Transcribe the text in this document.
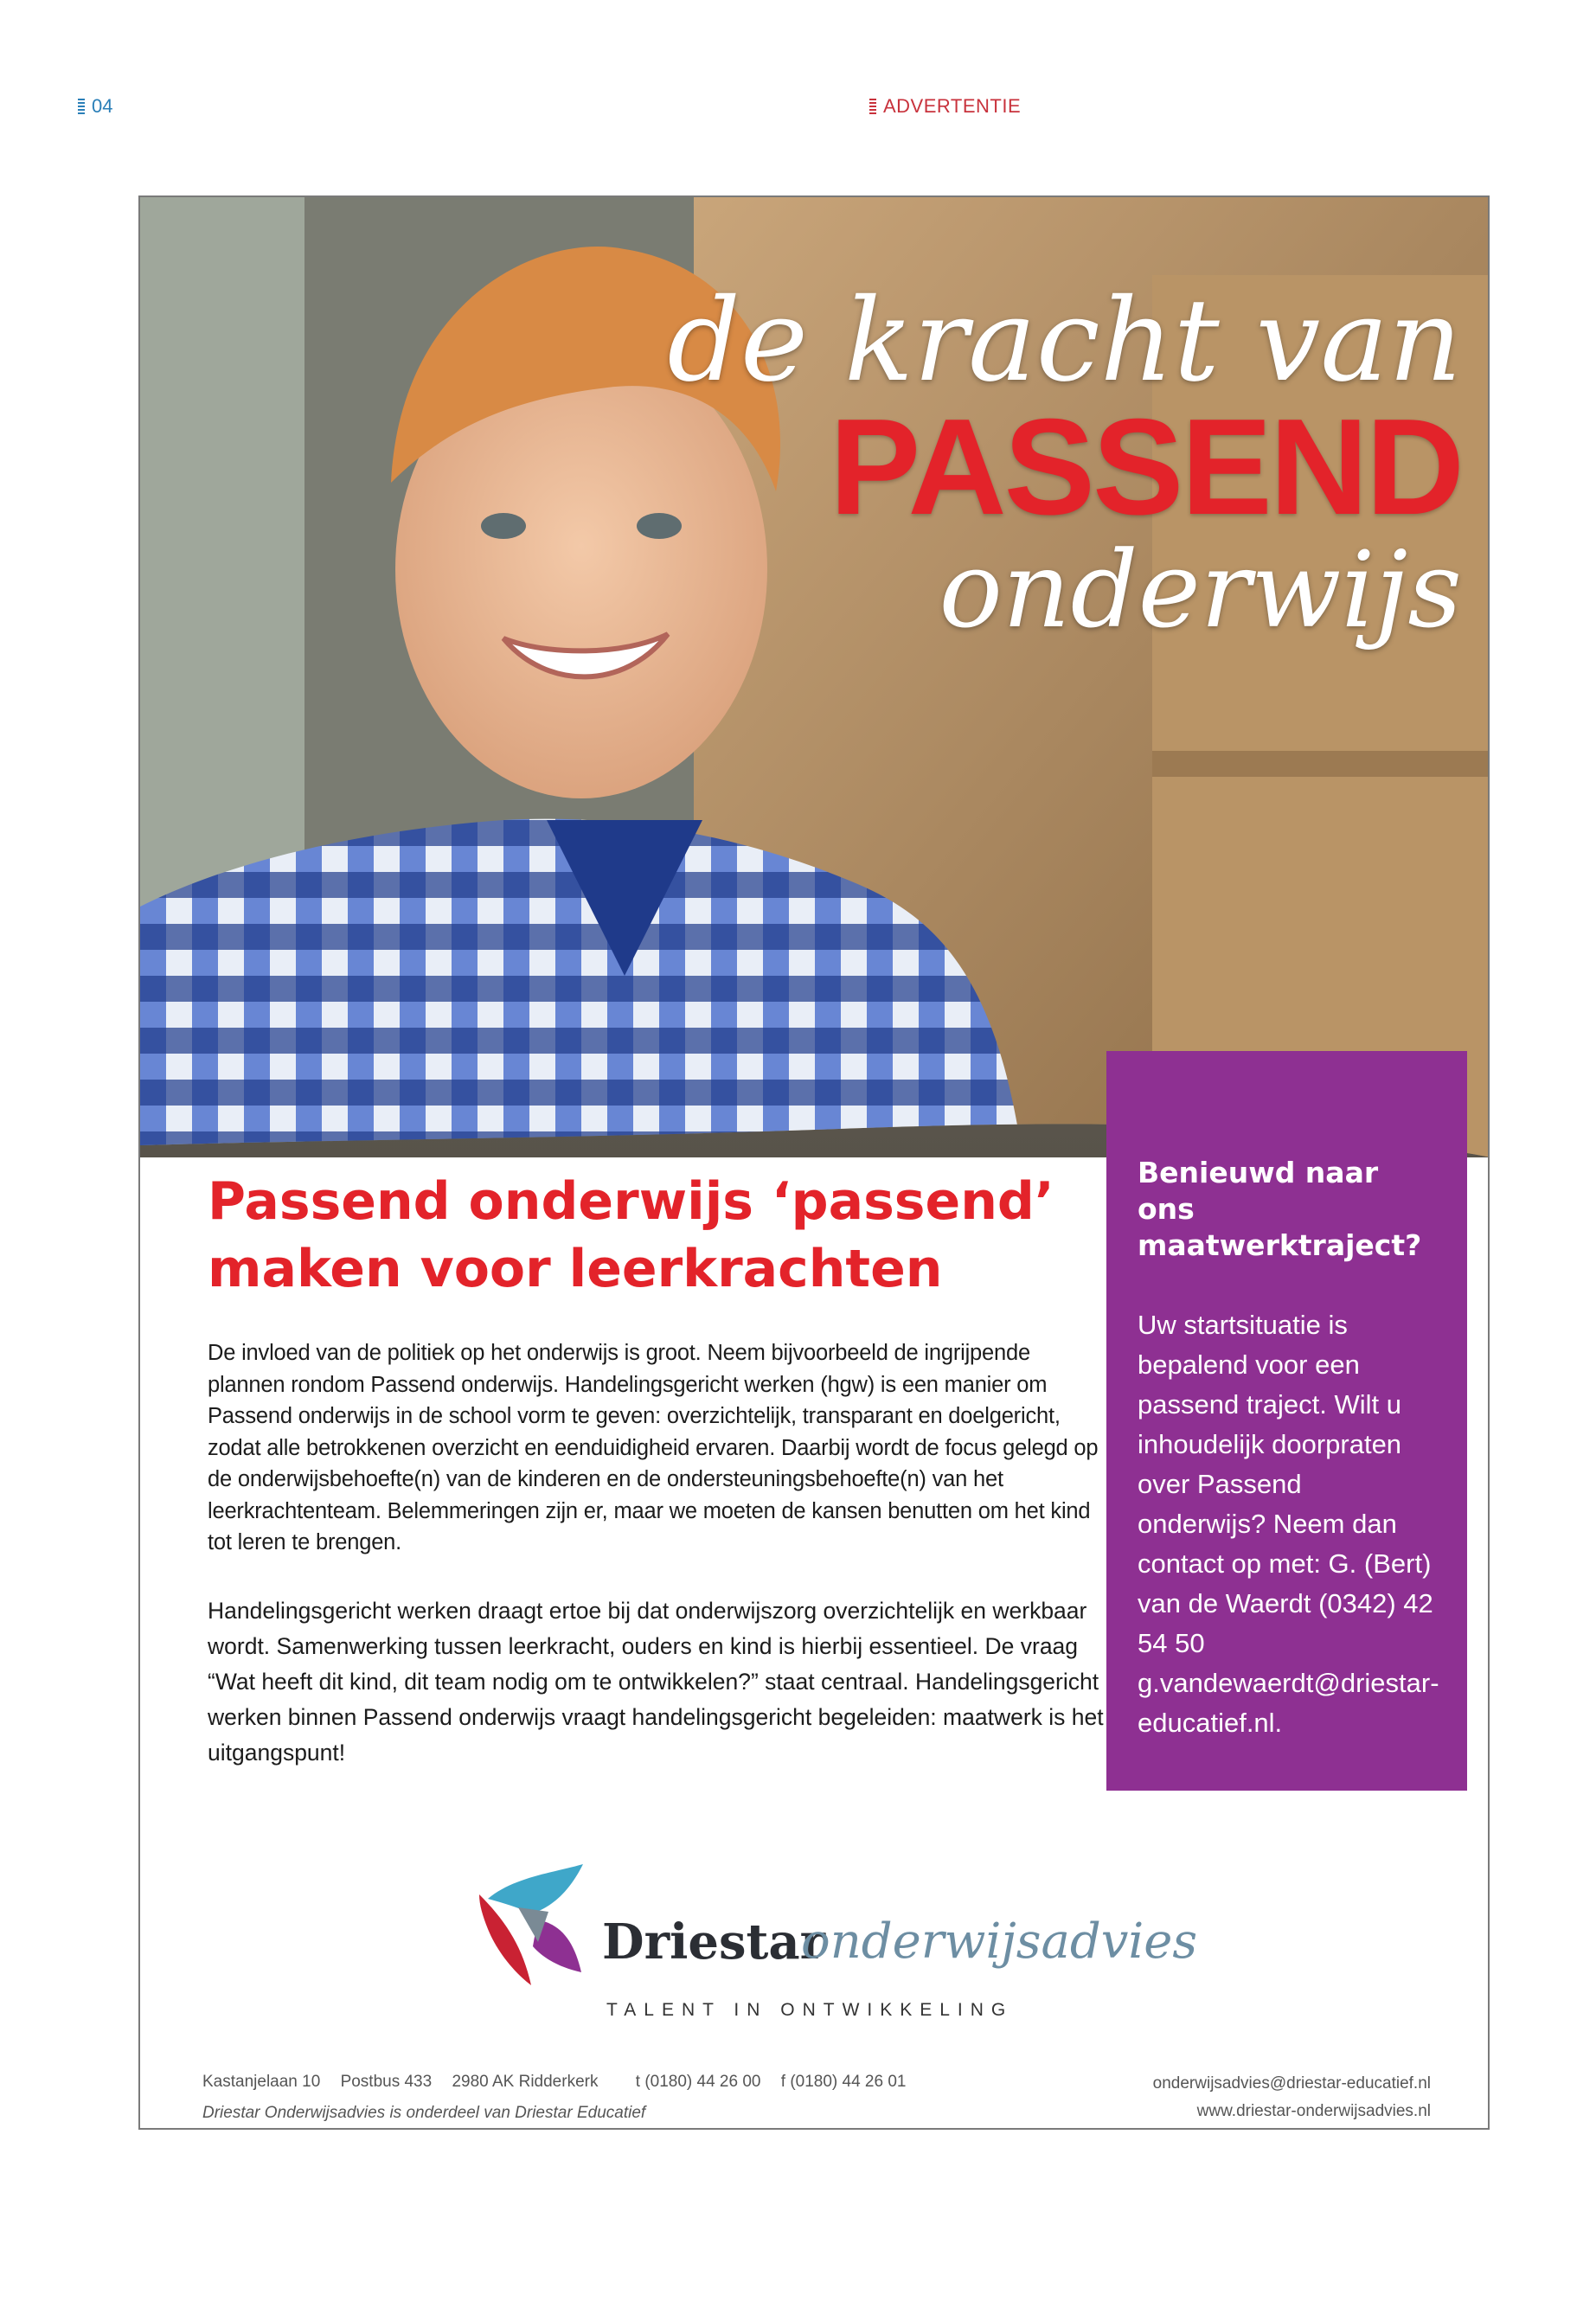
04	ADVERTENTIE
de kracht van
PASSEND
onderwijs
Passend onderwijs ‘passend’ maken voor leerkrachten

De invloed van de politiek op het onderwijs is groot. Neem bijvoorbeeld de ingrijpende plannen rondom Passend onderwijs. Handelingsgericht werken (hgw) is een manier om Passend onderwijs in de school vorm te geven: overzichtelijk, transparant en doelgericht, zodat alle betrokkenen overzicht en eenduidigheid ervaren. Daarbij wordt de focus gelegd op de onderwijsbehoefte(n) van de kinderen en de ondersteuningsbehoefte(n) van het leerkrachtenteam. Belemmeringen zijn er, maar we moeten de kansen benutten om het kind tot leren te brengen.

Handelingsgericht werken draagt ertoe bij dat onderwijszorg overzichtelijk en werkbaar wordt. Samenwerking tussen leerkracht, ouders en kind is hierbij essentieel. De vraag “Wat heeft dit kind, dit team nodig om te ontwikkelen?” staat centraal. Handelingsgericht werken binnen Passend onderwijs vraagt handelingsgericht begeleiden: maatwerk is het uitgangspunt!

Benieuwd naar ons maatwerktraject?
Uw startsituatie is bepalend voor een passend traject. Wilt u inhoudelijk doorpraten over Passend onderwijs? Neem dan contact op met: G. (Bert) van de Waerdt (0342) 42 54 50 g.vandewaerdt@driestar-educatief.nl.
Driestar
onderwijsadvies
TALENT IN ONTWIKKELING
Kastanjelaan 10 Postbus 433 2980 AK Ridderkerk t (0180) 44 26 00 f (0180) 44 26 01
Driestar Onderwijsadvies is onderdeel van Driestar Educatief
onderwijsadvies@driestar-educatief.nl
www.driestar-onderwijsadvies.nl
